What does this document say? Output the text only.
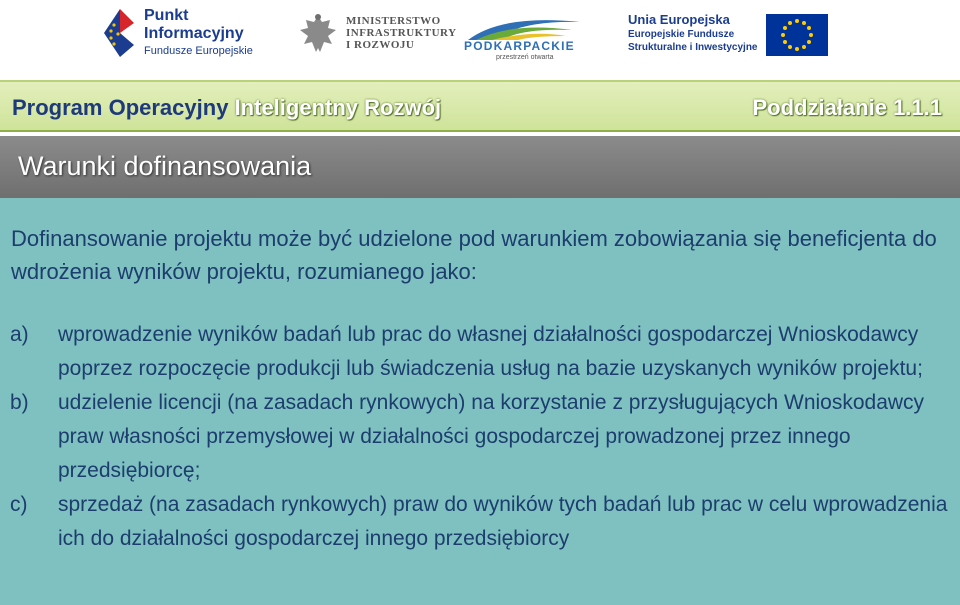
Punkt
Informacyjny
Fundusze Europejskie
MINISTERSTWO
INFRASTRUKTURY
I ROZWOJU	PODKARPACKIE
przestrzeń otwarta
Unia Europejska
Europejskie Fundusze
Strukturalne i Inwestycyjne
Program Operacyjny Inteligentny Rozwój	Poddziałanie 1.1.1
Warunki dofinansowania
Dofinansowanie projektu może być udzielone pod warunkiem zobowiązania się beneficjenta do wdrożenia wyników projektu, rozumianego jako:
a) wprowadzenie wyników badań lub prac do własnej działalności gospodarczej Wnioskodawcy poprzez rozpoczęcie produkcji lub świadczenia usług na bazie uzyskanych wyników projektu;
b) udzielenie licencji (na zasadach rynkowych) na korzystanie z przysługujących Wnioskodawcy praw własności przemysłowej w działalności gospodarczej prowadzonej przez innego przedsiębiorcę;
c) sprzedaż (na zasadach rynkowych) praw do wyników tych badań lub prac w celu wprowadzenia ich do działalności gospodarczej innego przedsiębiorcy
